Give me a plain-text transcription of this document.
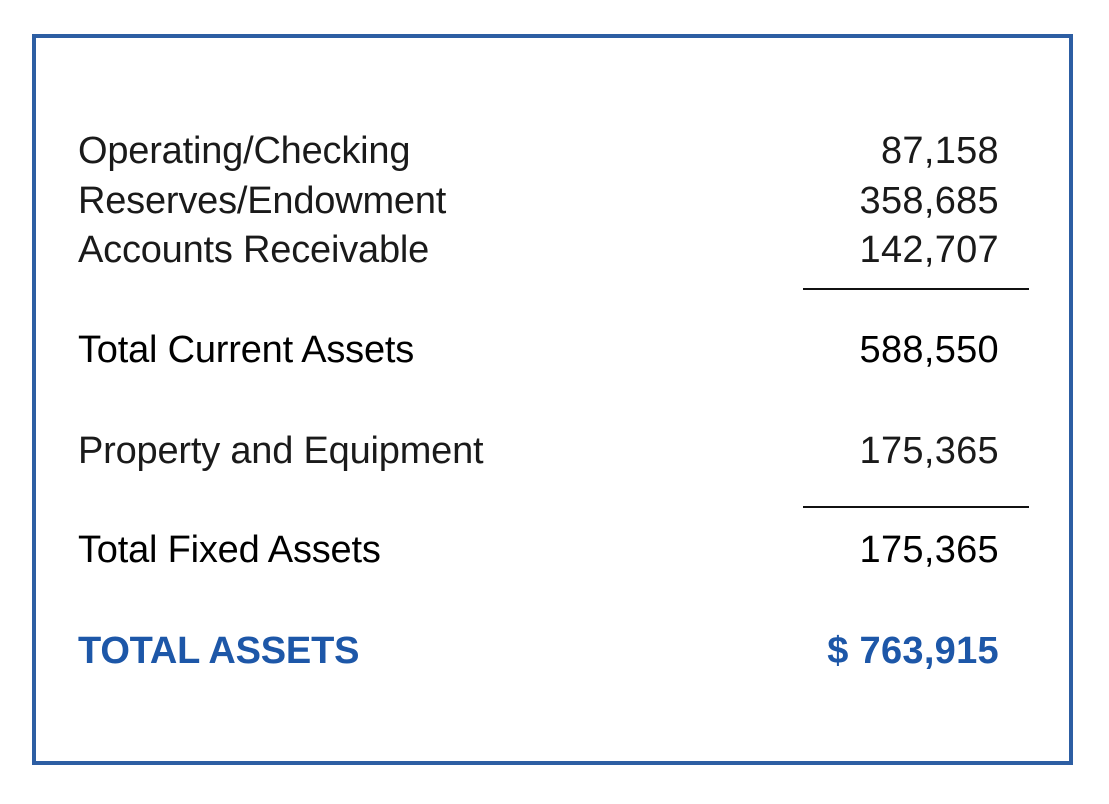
Operating/Checking	87,158
Reserves/Endowment	358,685
Accounts Receivable	142,707
Total Current Assets	588,550
Property and Equipment	175,365
Total Fixed Assets	175,365
TOTAL ASSETS	$ 763,915
